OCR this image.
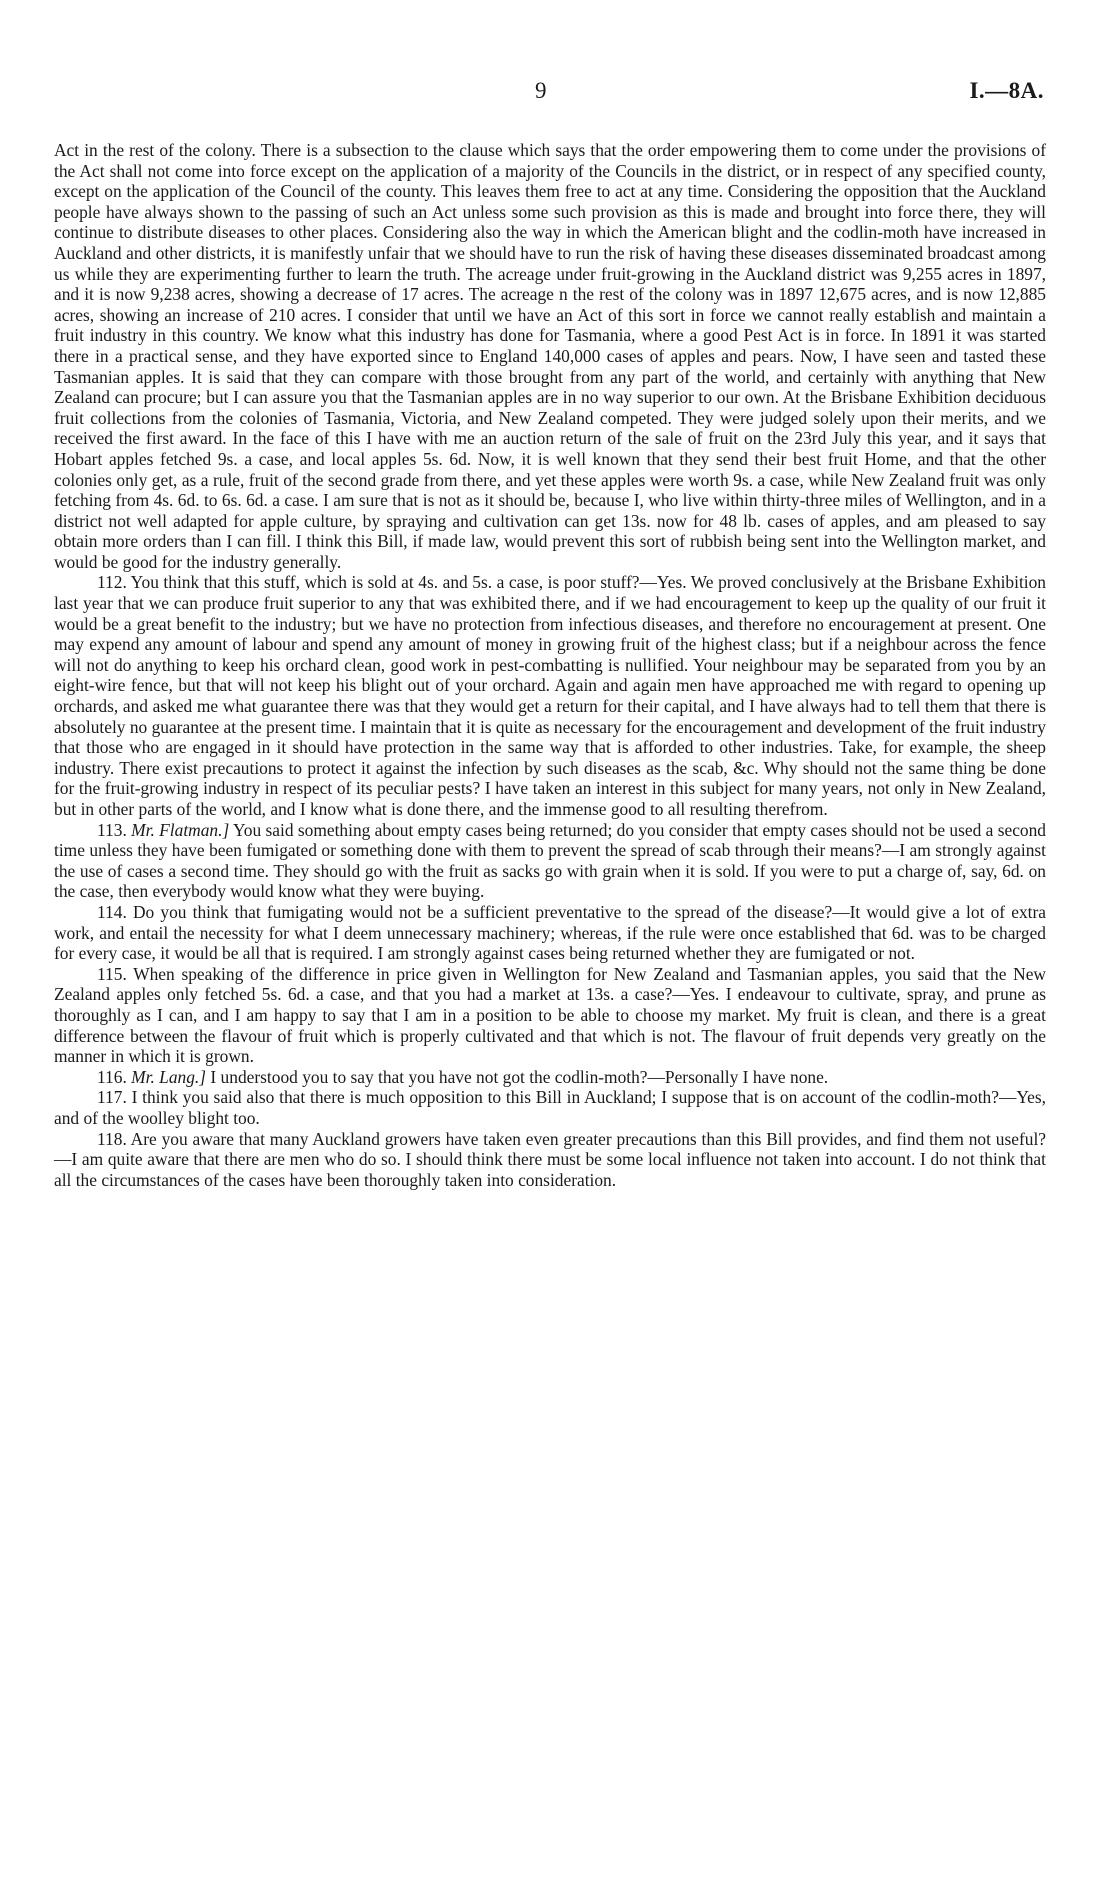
9	I.—8A.

Act in the rest of the colony. There is a subsection to the clause which says that the order empowering them to come under the provisions of the Act shall not come into force except on the application of a majority of the Councils in the district, or in respect of any specified county, except on the application of the Council of the county. This leaves them free to act at any time. Considering the opposition that the Auckland people have always shown to the passing of such an Act unless some such provision as this is made and brought into force there, they will continue to distribute diseases to other places. Considering also the way in which the American blight and the codlin-moth have increased in Auckland and other districts, it is manifestly unfair that we should have to run the risk of having these diseases disseminated broadcast among us while they are experimenting further to learn the truth. The acreage under fruit-growing in the Auckland district was 9,255 acres in 1897, and it is now 9,238 acres, showing a decrease of 17 acres. The acreage n the rest of the colony was in 1897 12,675 acres, and is now 12,885 acres, showing an increase of 210 acres. I consider that until we have an Act of this sort in force we cannot really establish and maintain a fruit industry in this country. We know what this industry has done for Tasmania, where a good Pest Act is in force. In 1891 it was started there in a practical sense, and they have exported since to England 140,000 cases of apples and pears. Now, I have seen and tasted these Tasmanian apples. It is said that they can compare with those brought from any part of the world, and certainly with anything that New Zealand can procure; but I can assure you that the Tasmanian apples are in no way superior to our own. At the Brisbane Exhibition deciduous fruit collections from the colonies of Tasmania, Victoria, and New Zealand competed. They were judged solely upon their merits, and we received the first award. In the face of this I have with me an auction return of the sale of fruit on the 23rd July this year, and it says that Hobart apples fetched 9s. a case, and local apples 5s. 6d. Now, it is well known that they send their best fruit Home, and that the other colonies only get, as a rule, fruit of the second grade from there, and yet these apples were worth 9s. a case, while New Zealand fruit was only fetching from 4s. 6d. to 6s. 6d. a case. I am sure that is not as it should be, because I, who live within thirty-three miles of Wellington, and in a district not well adapted for apple culture, by spraying and cultivation can get 13s. now for 48 lb. cases of apples, and am pleased to say obtain more orders than I can fill. I think this Bill, if made law, would prevent this sort of rubbish being sent into the Wellington market, and would be good for the industry generally.

112. You think that this stuff, which is sold at 4s. and 5s. a case, is poor stuff?—Yes. We proved conclusively at the Brisbane Exhibition last year that we can produce fruit superior to any that was exhibited there, and if we had encouragement to keep up the quality of our fruit it would be a great benefit to the industry; but we have no protection from infectious diseases, and therefore no encouragement at present. One may expend any amount of labour and spend any amount of money in growing fruit of the highest class; but if a neighbour across the fence will not do anything to keep his orchard clean, good work in pest-combatting is nullified. Your neighbour may be separated from you by an eight-wire fence, but that will not keep his blight out of your orchard. Again and again men have approached me with regard to opening up orchards, and asked me what guarantee there was that they would get a return for their capital, and I have always had to tell them that there is absolutely no guarantee at the present time. I maintain that it is quite as necessary for the encouragement and development of the fruit industry that those who are engaged in it should have protection in the same way that is afforded to other industries. Take, for example, the sheep industry. There exist precautions to protect it against the infection by such diseases as the scab, &c. Why should not the same thing be done for the fruit-growing industry in respect of its peculiar pests? I have taken an interest in this subject for many years, not only in New Zealand, but in other parts of the world, and I know what is done there, and the immense good to all resulting therefrom.

113. Mr. Flatman.] You said something about empty cases being returned; do you consider that empty cases should not be used a second time unless they have been fumigated or something done with them to prevent the spread of scab through their means?—I am strongly against the use of cases a second time. They should go with the fruit as sacks go with grain when it is sold. If you were to put a charge of, say, 6d. on the case, then everybody would know what they were buying.

114. Do you think that fumigating would not be a sufficient preventative to the spread of the disease?—It would give a lot of extra work, and entail the necessity for what I deem unnecessary machinery; whereas, if the rule were once established that 6d. was to be charged for every case, it would be all that is required. I am strongly against cases being returned whether they are fumigated or not.

115. When speaking of the difference in price given in Wellington for New Zealand and Tasmanian apples, you said that the New Zealand apples only fetched 5s. 6d. a case, and that you had a market at 13s. a case?—Yes. I endeavour to cultivate, spray, and prune as thoroughly as I can, and I am happy to say that I am in a position to be able to choose my market. My fruit is clean, and there is a great difference between the flavour of fruit which is properly cultivated and that which is not. The flavour of fruit depends very greatly on the manner in which it is grown.

116. Mr. Lang.] I understood you to say that you have not got the codlin-moth?—Personally I have none.

117. I think you said also that there is much opposition to this Bill in Auckland; I suppose that is on account of the codlin-moth?—Yes, and of the woolley blight too.

118. Are you aware that many Auckland growers have taken even greater precautions than this Bill provides, and find them not useful?—I am quite aware that there are men who do so. I should think there must be some local influence not taken into account. I do not think that all the circumstances of the cases have been thoroughly taken into consideration.
